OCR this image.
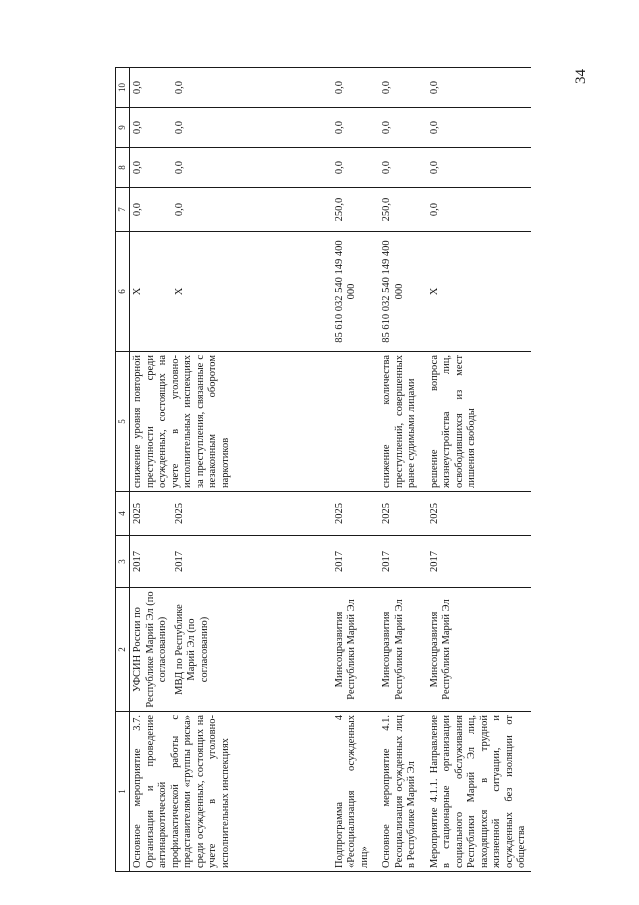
34
1	2	3	4	5	6	7	8	9	10
Основное мероприятие 3.7. Организация и проведение антинаркотической профилактической работы с представителями «группы риска» среди осужденных, состоящих на учете в уголовно-исполнительных инспекциях	УФСИН России по Республике Марий Эл (по согласованию)	2017	2025	снижение уровня повторной преступности среди осужденных, состоящих на учете в уголовно-исполнительных инспекциях за преступления, связанные с незаконным оборотом наркотиков	X	0,0	0,0	0,0	0,0
	МВД по Республике Марий Эл (по согласованию)	2017	2025		X	0,0	0,0	0,0	0,0
Подпрограмма 4 «Ресоциализация осужденных лиц»	Минсоцразвития Республики Марий Эл	2017	2025		85 610 032 540 149 400 000	250,0	0,0	0,0	0,0
Основное мероприятие 4.1. Ресоциализация осужденных лиц в Республике Марий Эл	Минсоцразвития Республики Марий Эл	2017	2025	снижение количества преступлений, совершенных ранее судимыми лицами	85 610 032 540 149 400 000	250,0	0,0	0,0	0,0
Мероприятие 4.1.1. Направление в стационарные организации социального обслуживания Республики Марий Эл лиц, находящихся в трудной жизненной ситуации, и осужденных без изоляции от общества	Минсоцразвития Республики Марий Эл	2017	2025	решение вопроса жизнеустройства лиц, освободившихся из мест лишения свободы	X	0,0	0,0	0,0	0,0
